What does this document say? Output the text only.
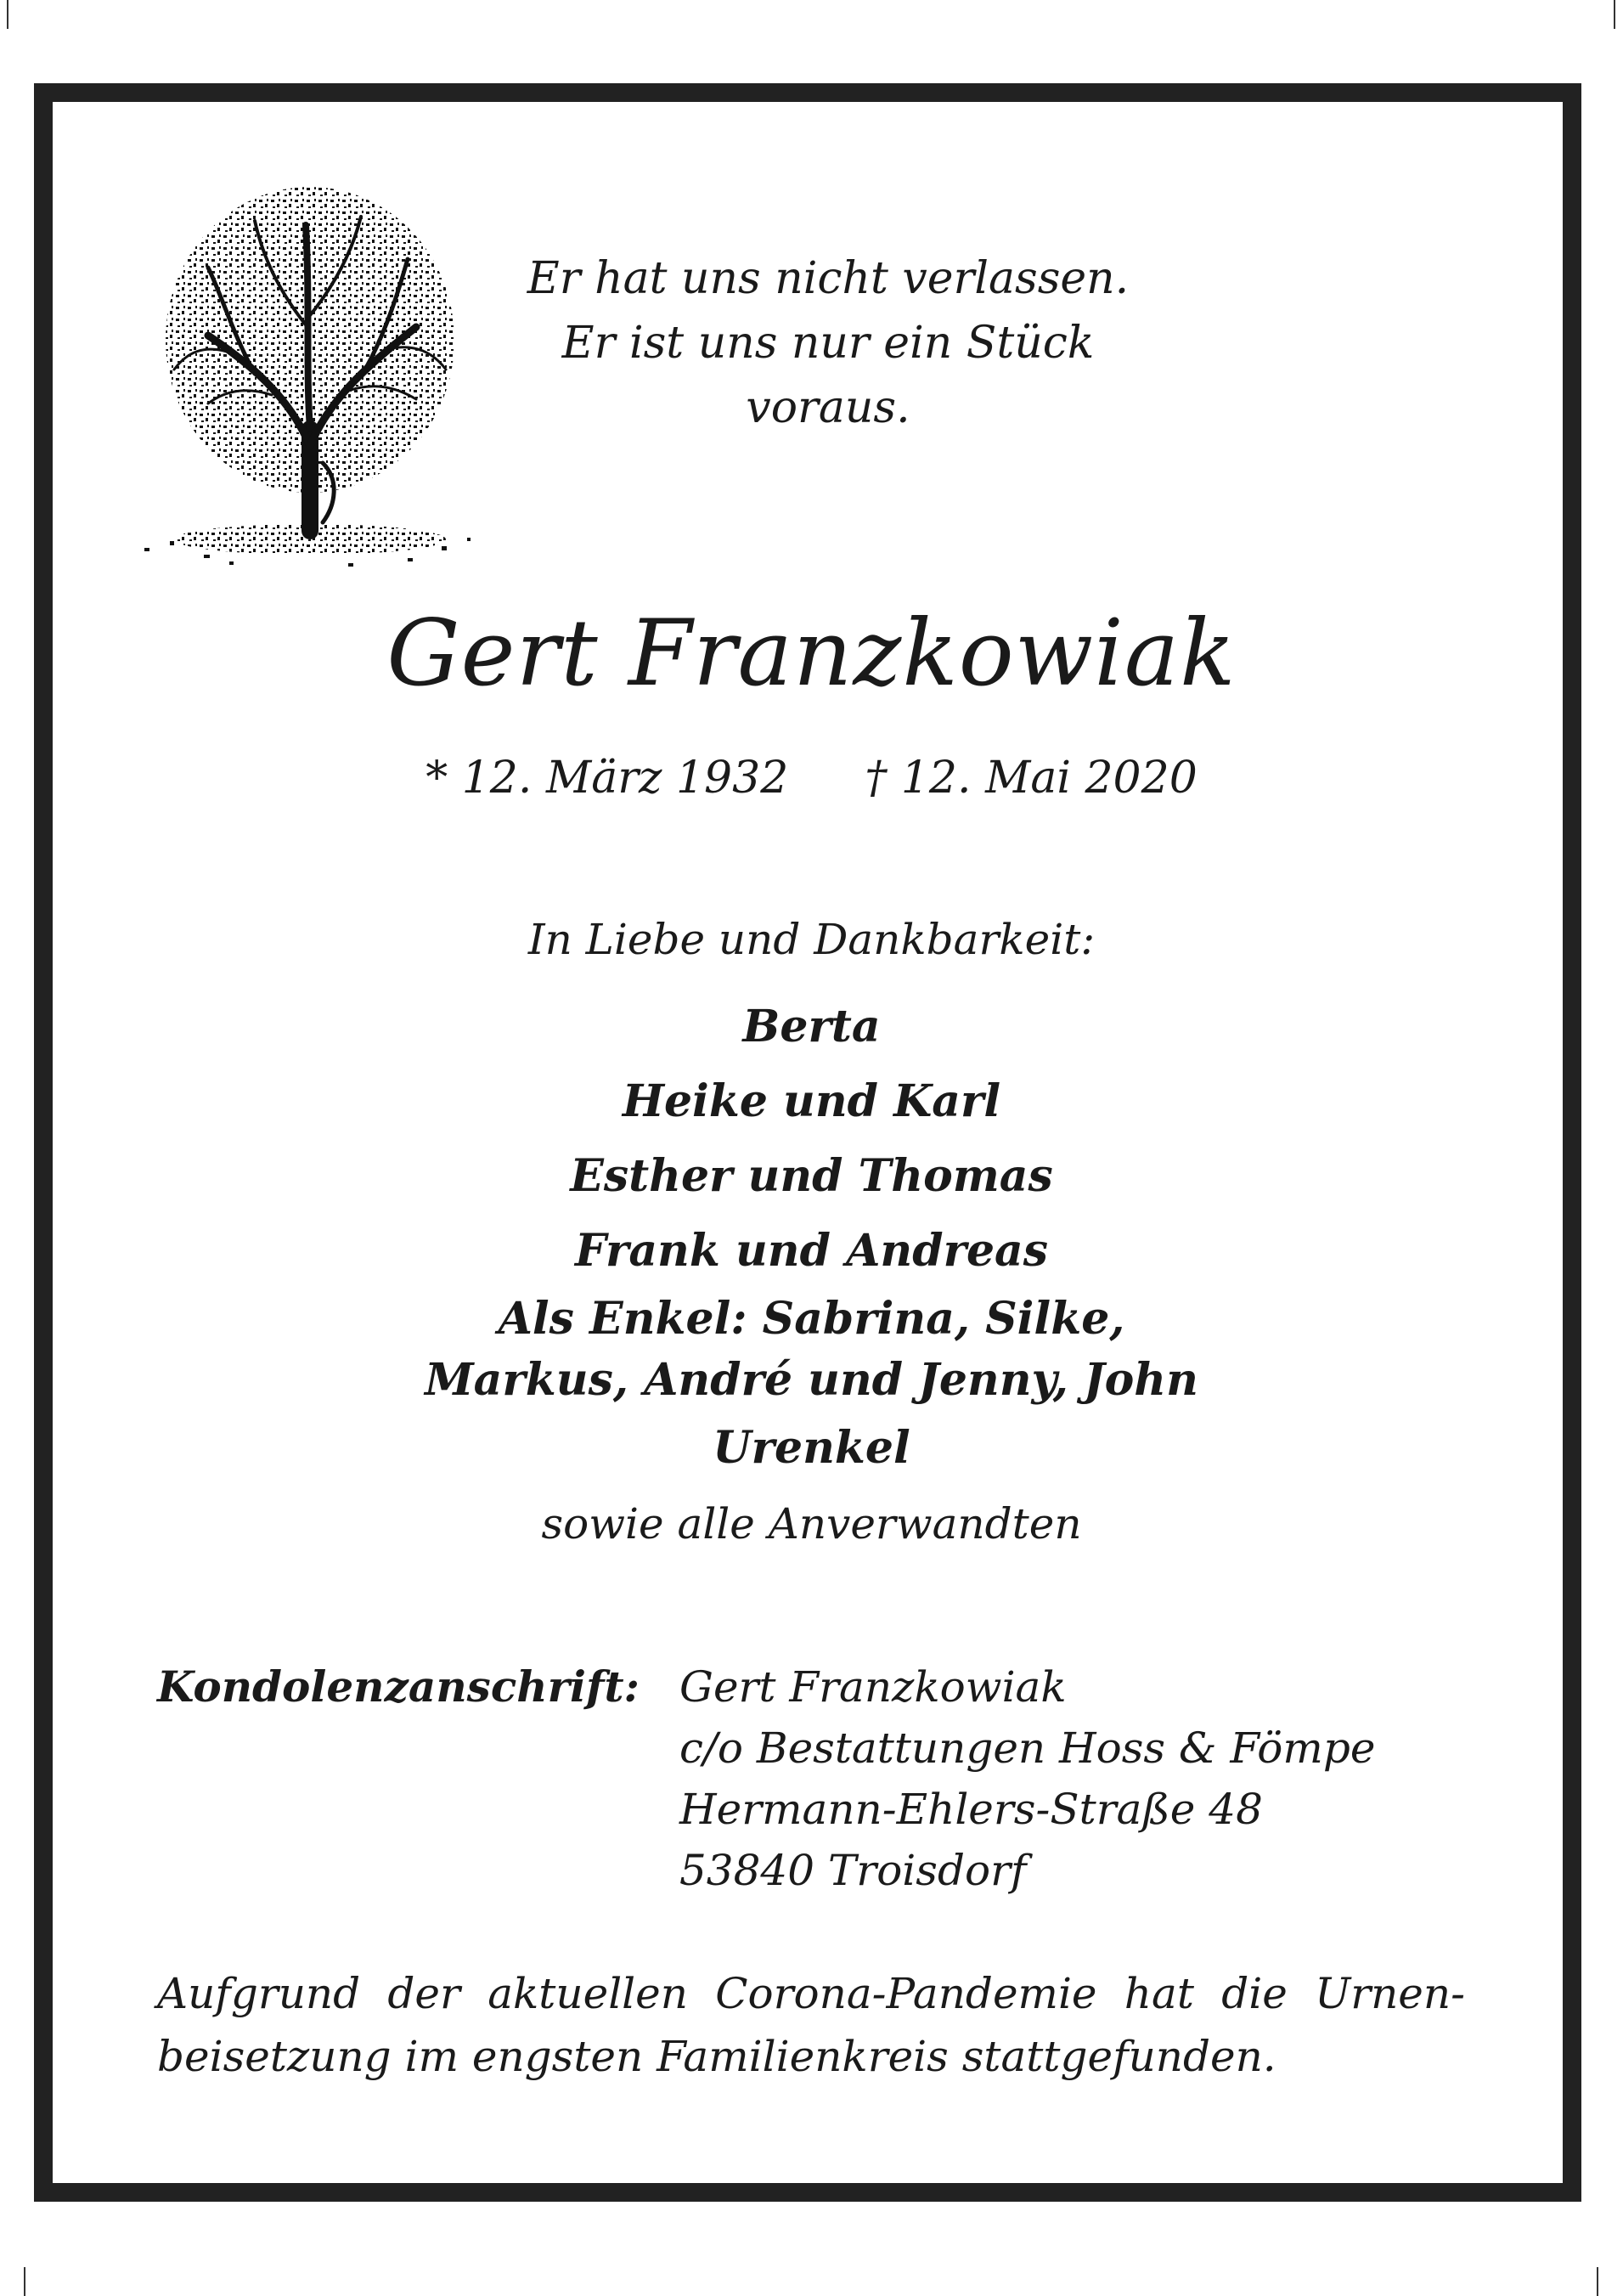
Er hat uns nicht verlassen.
Er ist uns nur ein Stück voraus.
Gert Franzkowiak
* 12. März 1932 † 12. Mai 2020
In Liebe und Dankbarkeit:
Berta
Heike und Karl
Esther und Thomas
Frank und Andreas
Als Enkel: Sabrina, Silke,
Markus, André und Jenny, John
Urenkel
sowie alle Anverwandten
Kondolenzanschrift: Gert Franzkowiak
c/o Bestattungen Hoss & Fömpe
Hermann-Ehlers-Straße 48
53840 Troisdorf
Aufgrund der aktuellen Corona-Pandemie hat die Urnen-
beisetzung im engsten Familienkreis stattgefunden.
